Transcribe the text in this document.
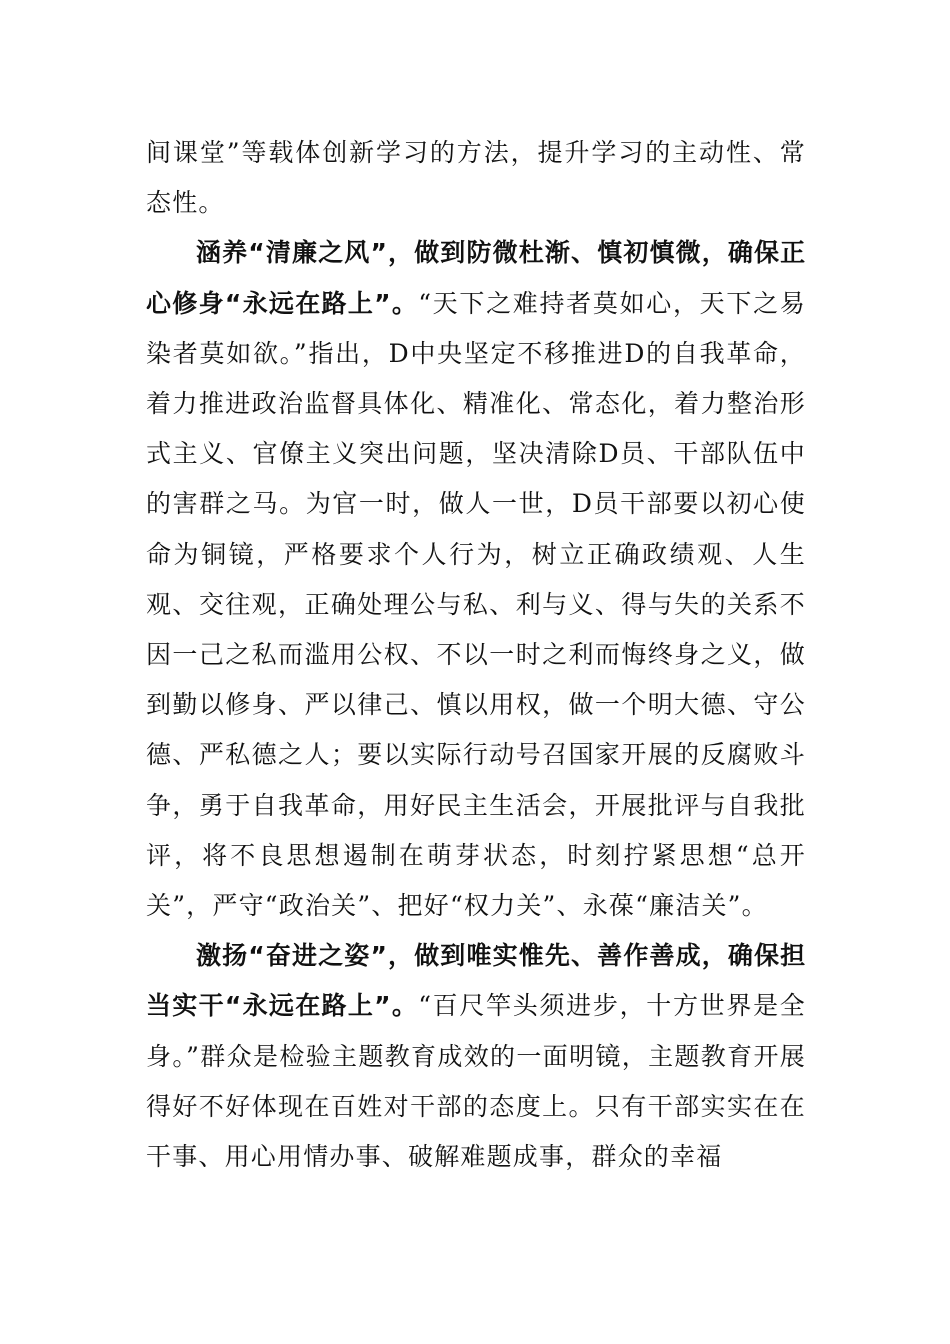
间课堂”等载体创新学习的方法，提升学习的主动性、常态性。

涵养“清廉之风”，做到防微杜渐、慎初慎微，确保正心修身“永远在路上”。“天下之难持者莫如心，天下之易染者莫如欲。”指出，D中央坚定不移推进D的自我革命，着力推进政治监督具体化、精准化、常态化，着力整治形式主义、官僚主义突出问题，坚决清除D员、干部队伍中的害群之马。为官一时，做人一世，D员干部要以初心使命为铜镜，严格要求个人行为，树立正确政绩观、人生观、交往观，正确处理公与私、利与义、得与失的关系不因一己之私而滥用公权、不以一时之利而悔终身之义，做到勤以修身、严以律己、慎以用权，做一个明大德、守公德、严私德之人；要以实际行动号召国家开展的反腐败斗争，勇于自我革命，用好民主生活会，开展批评与自我批评，将不良思想遏制在萌芽状态，时刻拧紧思想“总开关”，严守“政治关”、把好“权力关”、永葆“廉洁关”。

激扬“奋进之姿”，做到唯实惟先、善作善成，确保担当实干“永远在路上”。“百尺竿头须进步，十方世界是全身。”群众是检验主题教育成效的一面明镜，主题教育开展得好不好体现在百姓对干部的态度上。只有干部实实在在干事、用心用情办事、破解难题成事，群众的幸福
